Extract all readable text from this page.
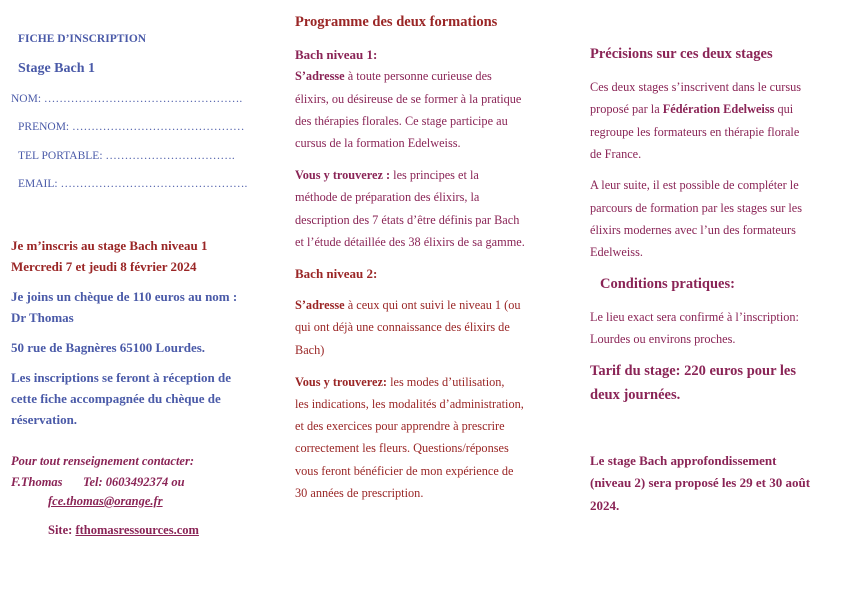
FICHE D’INSCRIPTION

Stage Bach 1

NOM: …………………………………………….

PRENOM: ………………………………………

TEL PORTABLE: …………………………….

EMAIL: ………………………………………….

Je m’inscris au stage Bach niveau 1

Mercredi 7 et jeudi 8 février 2024

Je joins un chèque de 110 euros au nom :

Dr Thomas

50 rue de Bagnères 65100 Lourdes.

Les inscriptions se feront à réception de

cette fiche accompagnée du chèque de

réservation.

Pour tout renseignement contacter:

F.Thomas Tel: 0603492374 ou

fce.thomas@orange.fr

Site: fthomasressources.com

Programme des deux formations

Bach niveau 1:

S’adresse à toute personne curieuse des

élixirs, ou désireuse de se former à la pratique

des thérapies florales. Ce stage participe au

cursus de la formation Edelweiss.

Vous y trouverez : les principes et la

méthode de préparation des élixirs, la

description des 7 états d’être définis par Bach

et l’étude détaillée des 38 élixirs de sa gamme.

Bach niveau 2:

S’adresse à ceux qui ont suivi le niveau 1 (ou

qui ont déjà une connaissance des élixirs de

Bach)

Vous y trouverez: les modes d’utilisation,

les indications, les modalités d’administration,

et des exercices pour apprendre à prescrire

correctement les fleurs. Questions/réponses

vous feront bénéficier de mon expérience de

30 années de prescription.

Précisions sur ces deux stages

Ces deux stages s’inscrivent dans le cursus

proposé par la Fédération Edelweiss qui

regroupe les formateurs en thérapie florale

de France.

A leur suite, il est possible de compléter le

parcours de formation par les stages sur les

élixirs modernes avec l’un des formateurs

Edelweiss.

Conditions pratiques:

Le lieu exact sera confirmé à l’inscription:

Lourdes ou environs proches.

Tarif du stage: 220 euros pour les

deux journées.

Le stage Bach approfondissement

(niveau 2) sera proposé les 29 et 30 août

2024.
